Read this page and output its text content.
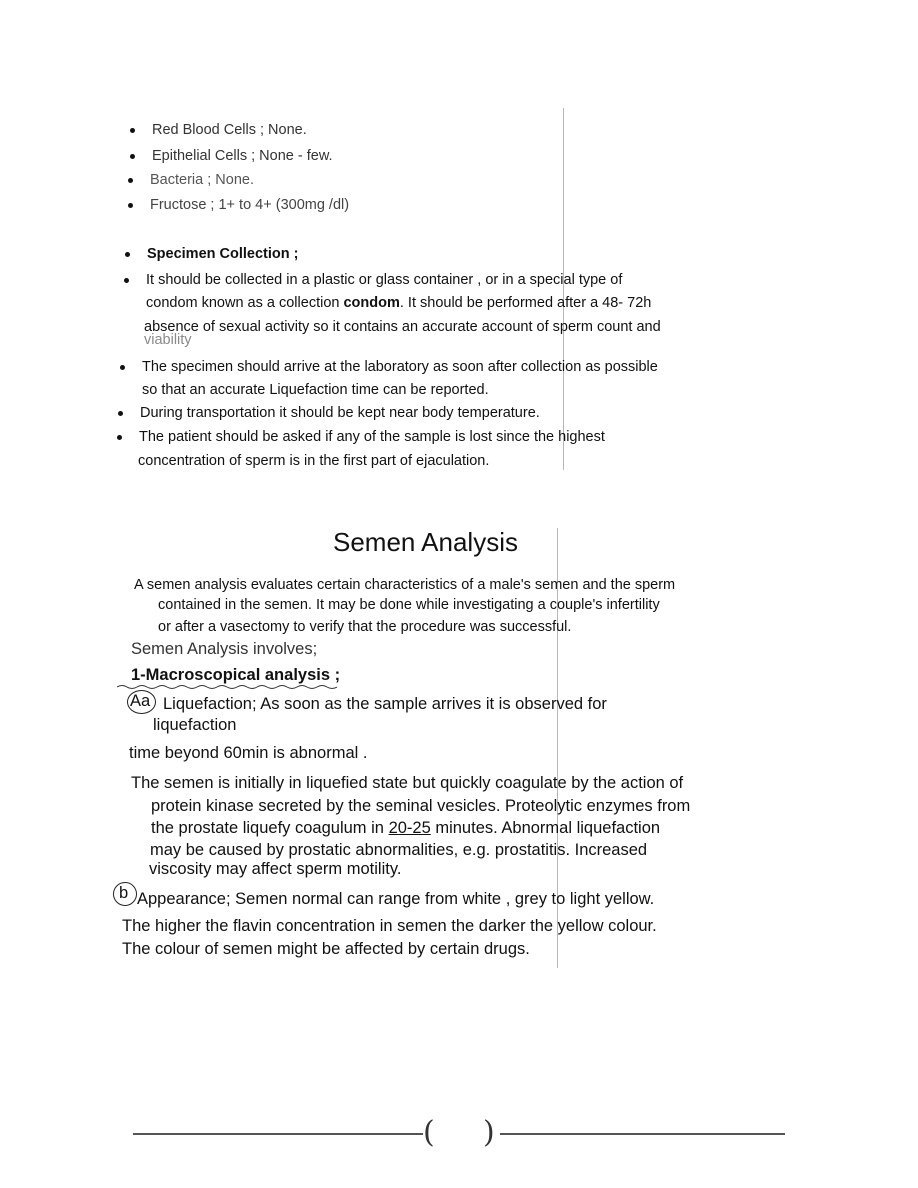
Red Blood Cells ; None.
Epithelial Cells ; None - few.
Bacteria ; None.
Fructose ; 1+ to 4+ (300mg /dl)
Specimen Collection ;
It should be collected in a plastic or glass container , or in a special type of
condom known as a collection condom. It should be performed after a 48- 72h
absence of sexual activity so it contains an accurate account of sperm count and
viability
The specimen should arrive at the laboratory as soon after collection as possible
so that an accurate Liquefaction time can be reported.
During transportation it should be kept near body temperature.
The patient should be asked if any of the sample is lost since the highest
concentration of sperm is in the first part of ejaculation.
Semen Analysis
A semen analysis evaluates certain characteristics of a male's semen and the sperm
contained in the semen. It may be done while investigating a couple's infertility
or after a vasectomy to verify that the procedure was successful.
Semen Analysis involves;
1-Macroscopical analysis ;
Aa Liquefaction; As soon as the sample arrives it is observed for
liquefaction
time beyond 60min is abnormal .
The semen is initially in liquefied state but quickly coagulate by the action of
protein kinase secreted by the seminal vesicles. Proteolytic enzymes from
the prostate liquefy coagulum in 20-25 minutes. Abnormal liquefaction
may be caused by prostatic abnormalities, e.g. prostatitis. Increased
viscosity may affect sperm motility.
b Appearance; Semen normal can range from white , grey to light yellow.
The higher the flavin concentration in semen the darker the yellow colour.
The colour of semen might be affected by certain drugs.
( )
